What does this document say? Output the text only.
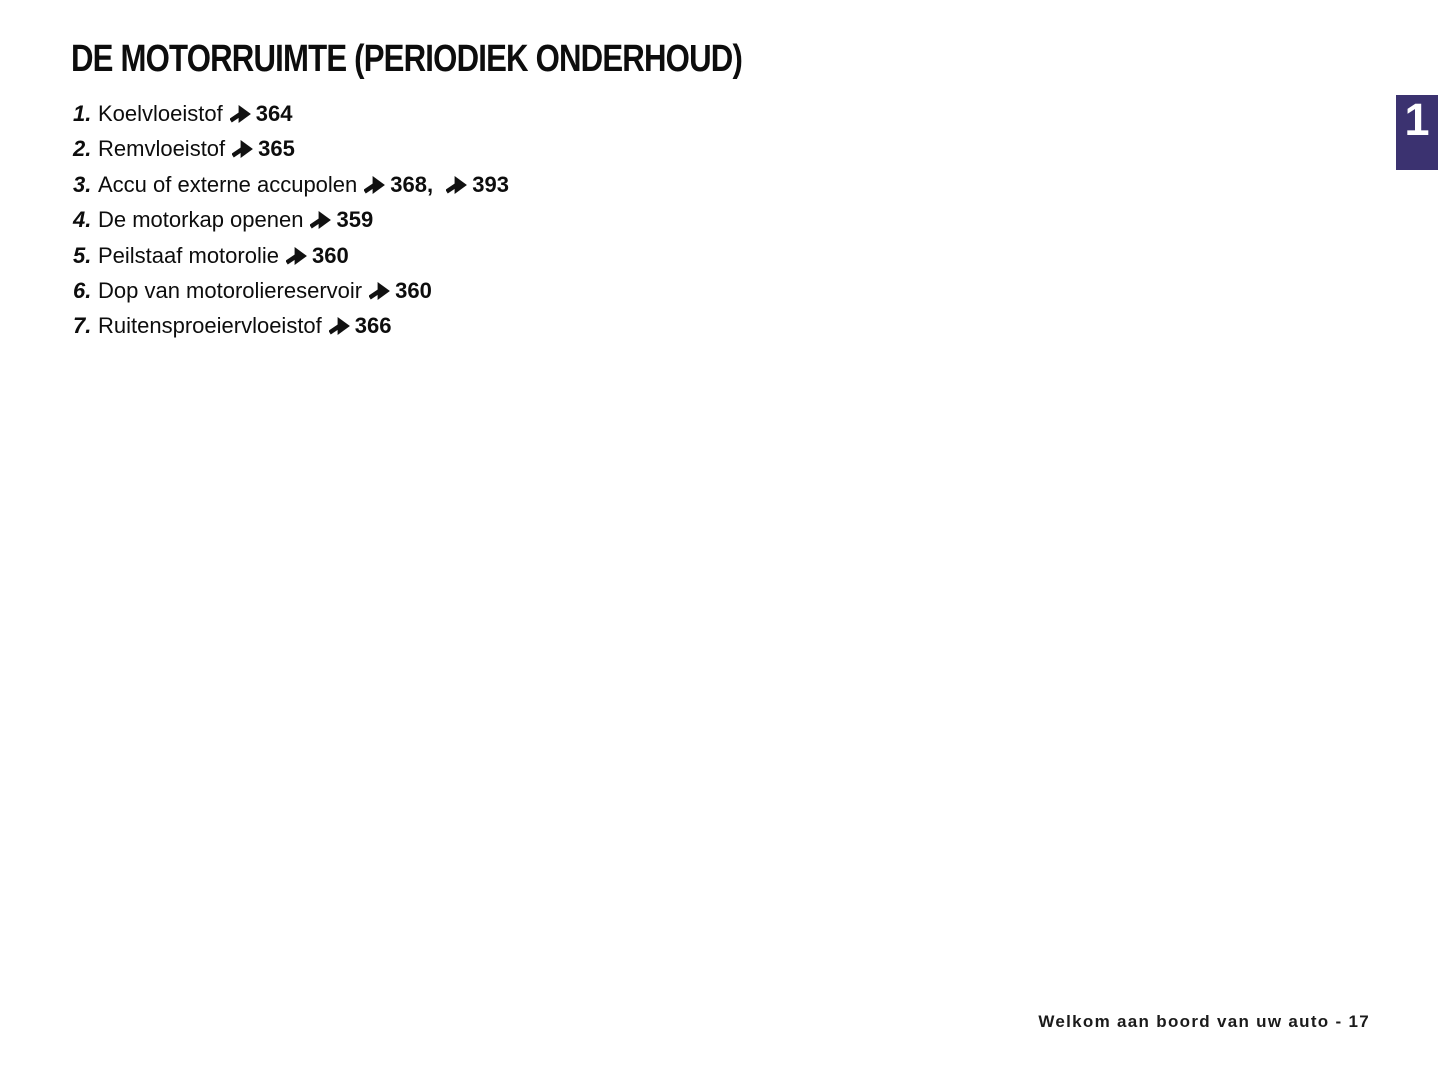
DE MOTORRUIMTE (PERIODIEK ONDERHOUD)
1. Koelvloeistof 364
2. Remvloeistof 365
3. Accu of externe accupolen 368, 393
4. De motorkap openen 359
5. Peilstaaf motorolie 360
6. Dop van motoroliereservoir 360
7. Ruitensproeiervloeistof 366
1
Welkom aan boord van uw auto - 17
